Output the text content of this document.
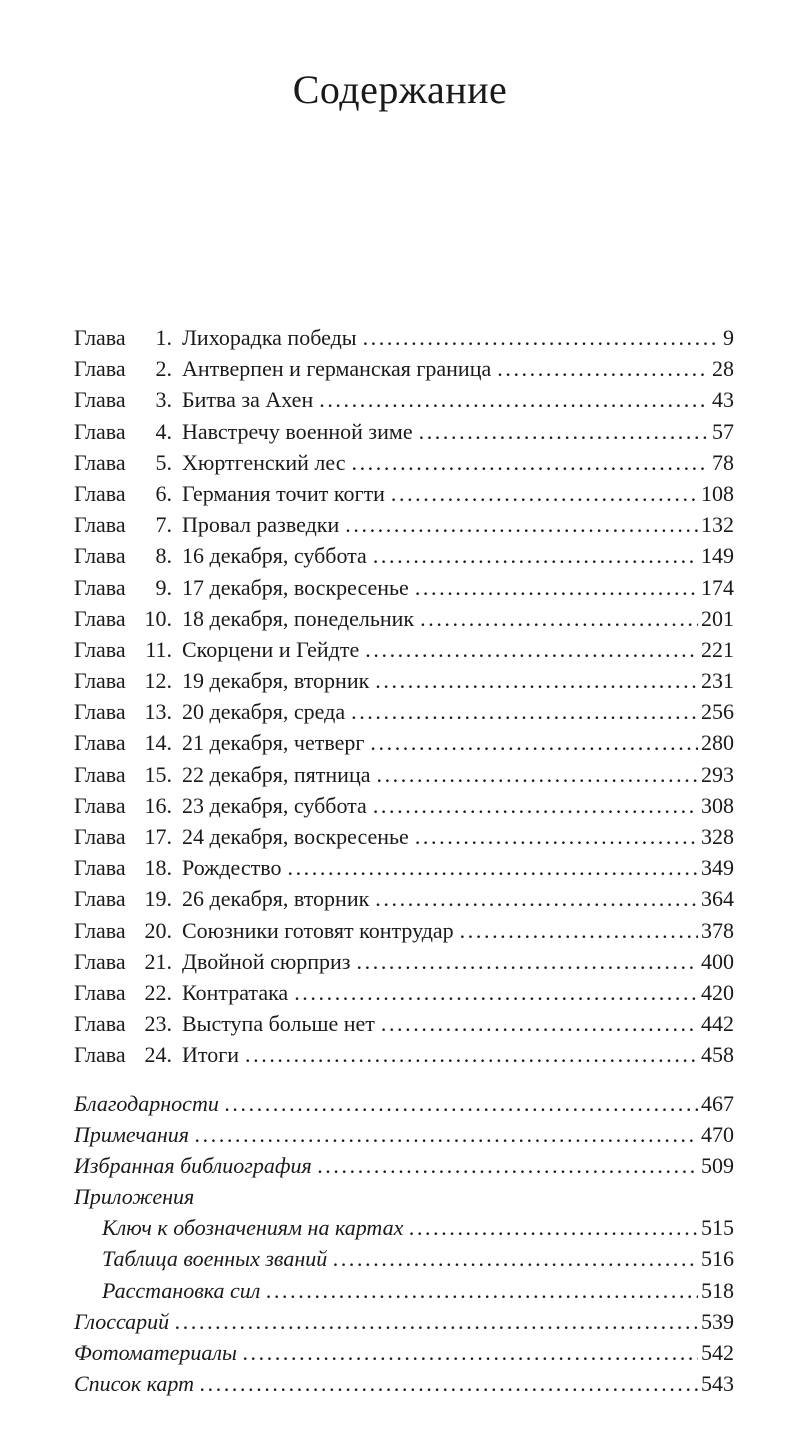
Содержание
Глава	1. Лихорадка победы .....	9
Глава	2. Антверпен и германская граница .....	28
Глава	3. Битва за Ахен .....	43
Глава	4. Навстречу военной зиме .....	57
Глава	5. Хюртгенский лес .....	78
Глава	6. Германия точит когти .....	108
Глава	7. Провал разведки .....	132
Глава	8. 16 декабря, суббота .....	149
Глава	9. 17 декабря, воскресенье .....	174
Глава 10. 18 декабря, понедельник .....	201
Глава 11. Скорцени и Гейдте .....	221
Глава 12. 19 декабря, вторник .....	231
Глава 13. 20 декабря, среда .....	256
Глава 14. 21 декабря, четверг .....	280
Глава 15. 22 декабря, пятница .....	293
Глава 16. 23 декабря, суббота .....	308
Глава 17. 24 декабря, воскресенье .....	328
Глава 18. Рождество .....	349
Глава 19. 26 декабря, вторник .....	364
Глава 20. Союзники готовят контрудар .....	378
Глава 21. Двойной сюрприз .....	400
Глава 22. Контратака .....	420
Глава 23. Выступа больше нет .....	442
Глава 24. Итоги .....	458
Благодарности .....	467
Примечания .....	470
Избранная библиография .....	509
Приложения
Ключ к обозначениям на картах .....	515
Таблица военных званий .....	516
Расстановка сил .....	518
Глоссарий .....	539
Фотоматериалы .....	542
Список карт .....	543
